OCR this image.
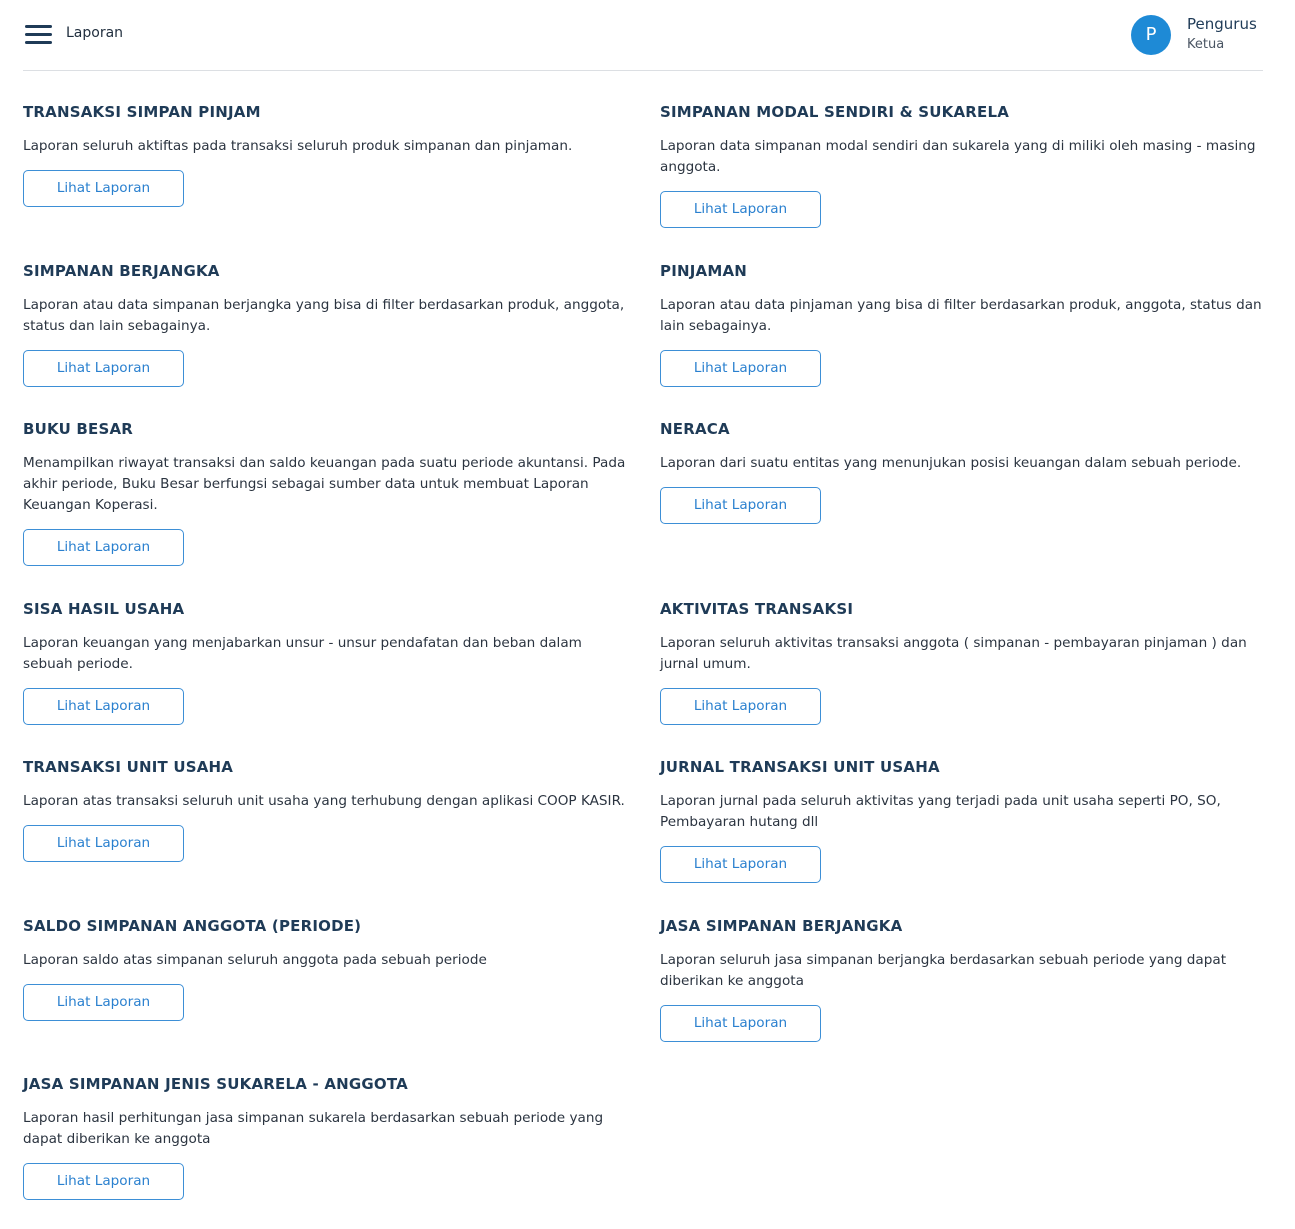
Laporan	P	Pengurus
Ketua
TRANSAKSI SIMPAN PINJAM

Laporan seluruh aktiftas pada transaksi seluruh produk simpanan dan pinjaman.

Lihat Laporan
SIMPANAN MODAL SENDIRI & SUKARELA

Laporan data simpanan modal sendiri dan sukarela yang di miliki oleh masing - masing anggota.

Lihat Laporan
SIMPANAN BERJANGKA

Laporan atau data simpanan berjangka yang bisa di filter berdasarkan produk, anggota, status dan lain sebagainya.

Lihat Laporan
PINJAMAN

Laporan atau data pinjaman yang bisa di filter berdasarkan produk, anggota, status dan lain sebagainya.

Lihat Laporan
BUKU BESAR

Menampilkan riwayat transaksi dan saldo keuangan pada suatu periode akuntansi. Pada akhir periode, Buku Besar berfungsi sebagai sumber data untuk membuat Laporan Keuangan Koperasi.

Lihat Laporan
NERACA

Laporan dari suatu entitas yang menunjukan posisi keuangan dalam sebuah periode.

Lihat Laporan
SISA HASIL USAHA

Laporan keuangan yang menjabarkan unsur - unsur pendafatan dan beban dalam sebuah periode.

Lihat Laporan
AKTIVITAS TRANSAKSI

Laporan seluruh aktivitas transaksi anggota ( simpanan - pembayaran pinjaman ) dan jurnal umum.

Lihat Laporan
TRANSAKSI UNIT USAHA

Laporan atas transaksi seluruh unit usaha yang terhubung dengan aplikasi COOP KASIR.

Lihat Laporan
JURNAL TRANSAKSI UNIT USAHA

Laporan jurnal pada seluruh aktivitas yang terjadi pada unit usaha seperti PO, SO, Pembayaran hutang dll

Lihat Laporan
SALDO SIMPANAN ANGGOTA (PERIODE)

Laporan saldo atas simpanan seluruh anggota pada sebuah periode

Lihat Laporan
JASA SIMPANAN BERJANGKA

Laporan seluruh jasa simpanan berjangka berdasarkan sebuah periode yang dapat diberikan ke anggota

Lihat Laporan
JASA SIMPANAN JENIS SUKARELA - ANGGOTA

Laporan hasil perhitungan jasa simpanan sukarela berdasarkan sebuah periode yang dapat diberikan ke anggota

Lihat Laporan
